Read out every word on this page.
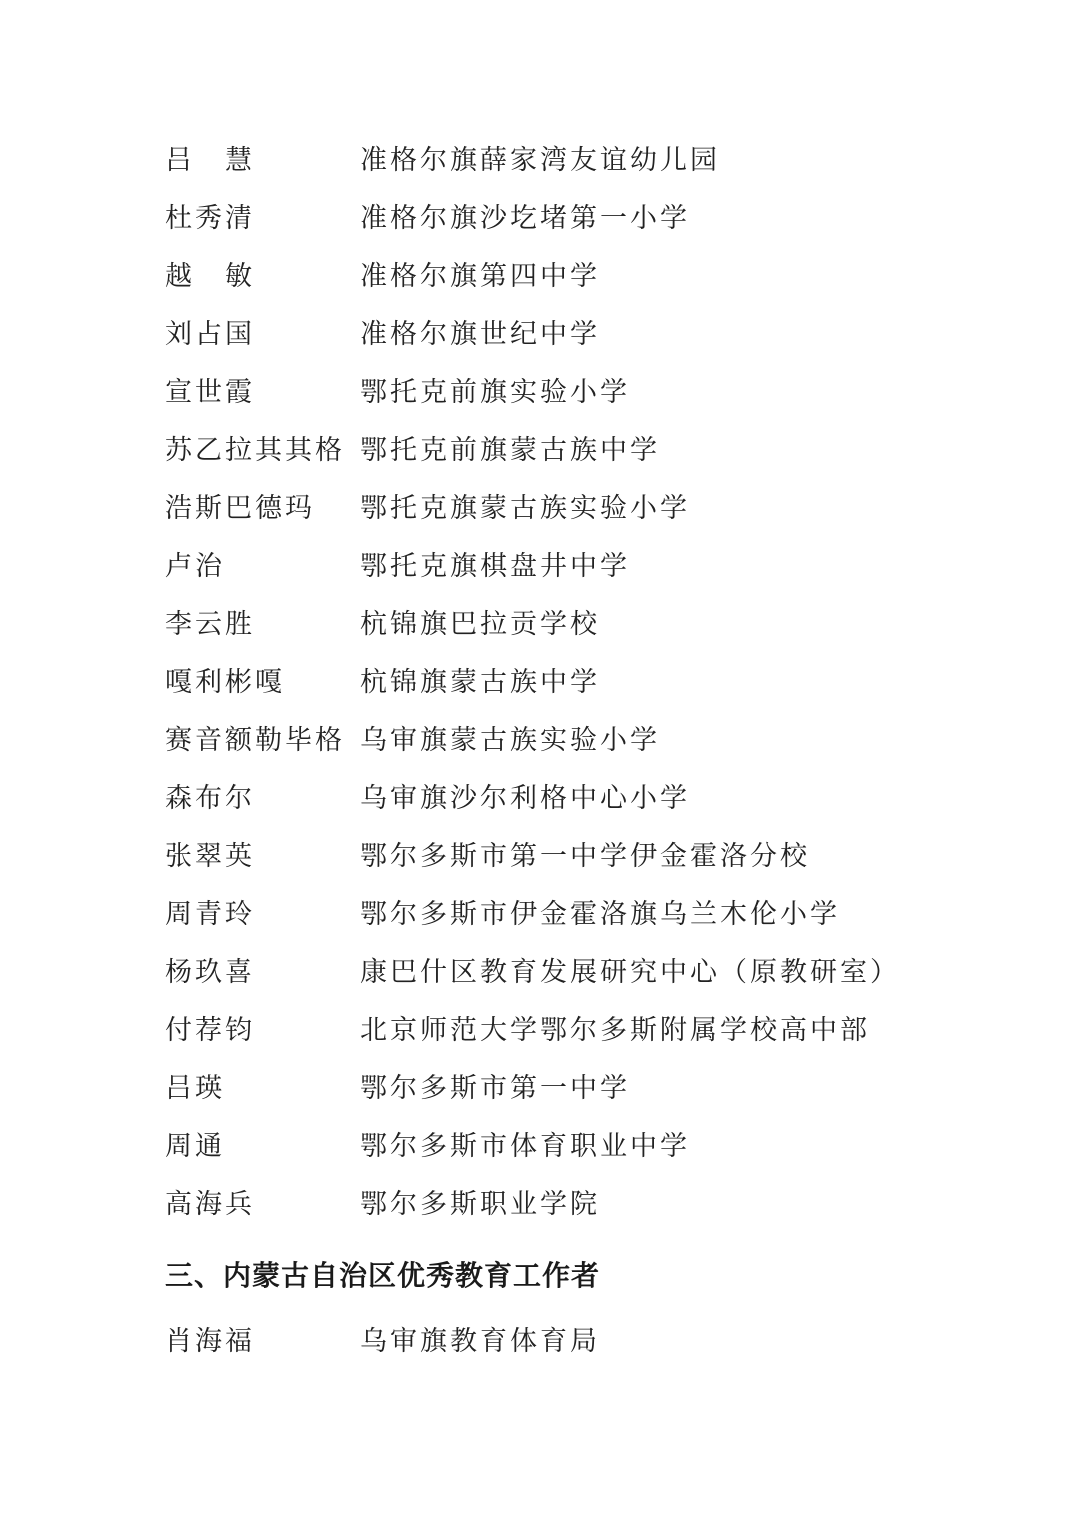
吕　慧	准格尔旗薛家湾友谊幼儿园
杜秀清	准格尔旗沙圪堵第一小学
越　敏	准格尔旗第四中学
刘占国	准格尔旗世纪中学
宣世霞	鄂托克前旗实验小学
苏乙拉其其格 鄂托克前旗蒙古族中学
浩斯巴德玛	鄂托克旗蒙古族实验小学
卢治	鄂托克旗棋盘井中学
李云胜	杭锦旗巴拉贡学校
嘎利彬嘎	杭锦旗蒙古族中学
赛音额勒毕格 乌审旗蒙古族实验小学
森布尔	乌审旗沙尔利格中心小学
张翠英	鄂尔多斯市第一中学伊金霍洛分校
周青玲	鄂尔多斯市伊金霍洛旗乌兰木伦小学
杨玖喜	康巴什区教育发展研究中心（原教研室）
付荐钧	北京师范大学鄂尔多斯附属学校高中部
吕瑛	鄂尔多斯市第一中学
周通	鄂尔多斯市体育职业中学
高海兵	鄂尔多斯职业学院
三、内蒙古自治区优秀教育工作者
肖海福	乌审旗教育体育局
